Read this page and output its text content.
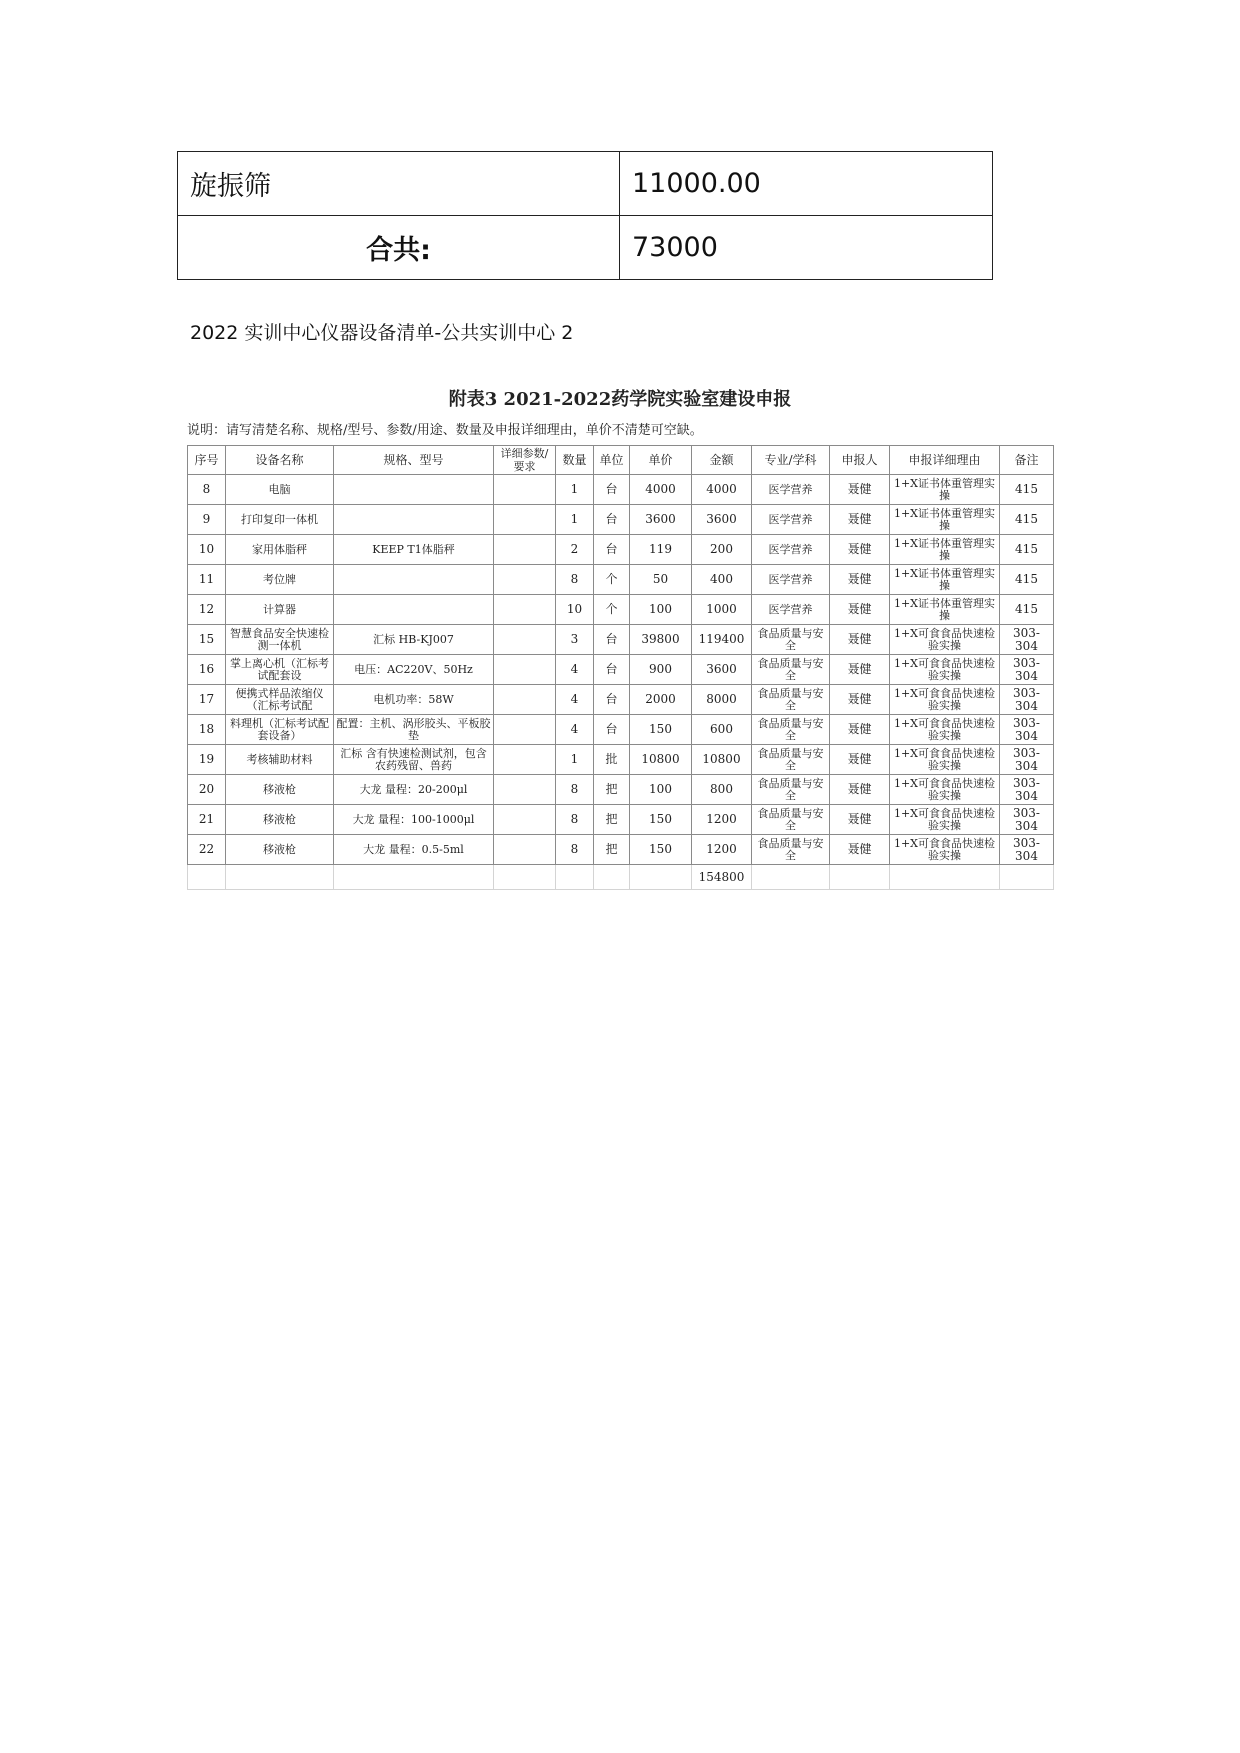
旋振筛	11000.00
合共:	73000
2022 实训中心仪器设备清单-公共实训中心 2
附表3 2021-2022药学院实验室建设申报
说明：请写清楚名称、规格/型号、参数/用途、数量及申报详细理由，单价不清楚可空缺。
序号	设备名称	规格、型号	详细参数/要求	数量	单位	单价	金额	专业/学科	申报人	申报详细理由	备注
8	电脑			1	台	4000	4000	医学营养	聂健	1+X证书体重管理实操	415
9	打印复印一体机			1	台	3600	3600	医学营养	聂健	1+X证书体重管理实操	415
10	家用体脂秤	KEEP T1体脂秤		2	台	119	200	医学营养	聂健	1+X证书体重管理实操	415
11	考位牌			8	个	50	400	医学营养	聂健	1+X证书体重管理实操	415
12	计算器			10	个	100	1000	医学营养	聂健	1+X证书体重管理实操	415
15	智慧食品安全快速检测一体机	汇标 HB-KJ007		3	台	39800	119400	食品质量与安全	聂健	1+X可食食品快速检验实操	303-304
16	掌上离心机（汇标考试配套设	电压：AC220V、50Hz		4	台	900	3600	食品质量与安全	聂健	1+X可食食品快速检验实操	303-304
17	便携式样品浓缩仪（汇标考试配	电机功率：58W		4	台	2000	8000	食品质量与安全	聂健	1+X可食食品快速检验实操	303-304
18	料理机（汇标考试配套设备）	配置：主机、涡形胶头、平板胶垫		4	台	150	600	食品质量与安全	聂健	1+X可食食品快速检验实操	303-304
19	考核辅助材料	汇标 含有快速检测试剂，包含农药残留、兽药		1	批	10800	10800	食品质量与安全	聂健	1+X可食食品快速检验实操	303-304
20	移液枪	大龙 量程：20-200μl		8	把	100	800	食品质量与安全	聂健	1+X可食食品快速检验实操	303-304
21	移液枪	大龙 量程：100-1000μl		8	把	150	1200	食品质量与安全	聂健	1+X可食食品快速检验实操	303-304
22	移液枪	大龙 量程：0.5-5ml		8	把	150	1200	食品质量与安全	聂健	1+X可食食品快速检验实操	303-304
							154800				
